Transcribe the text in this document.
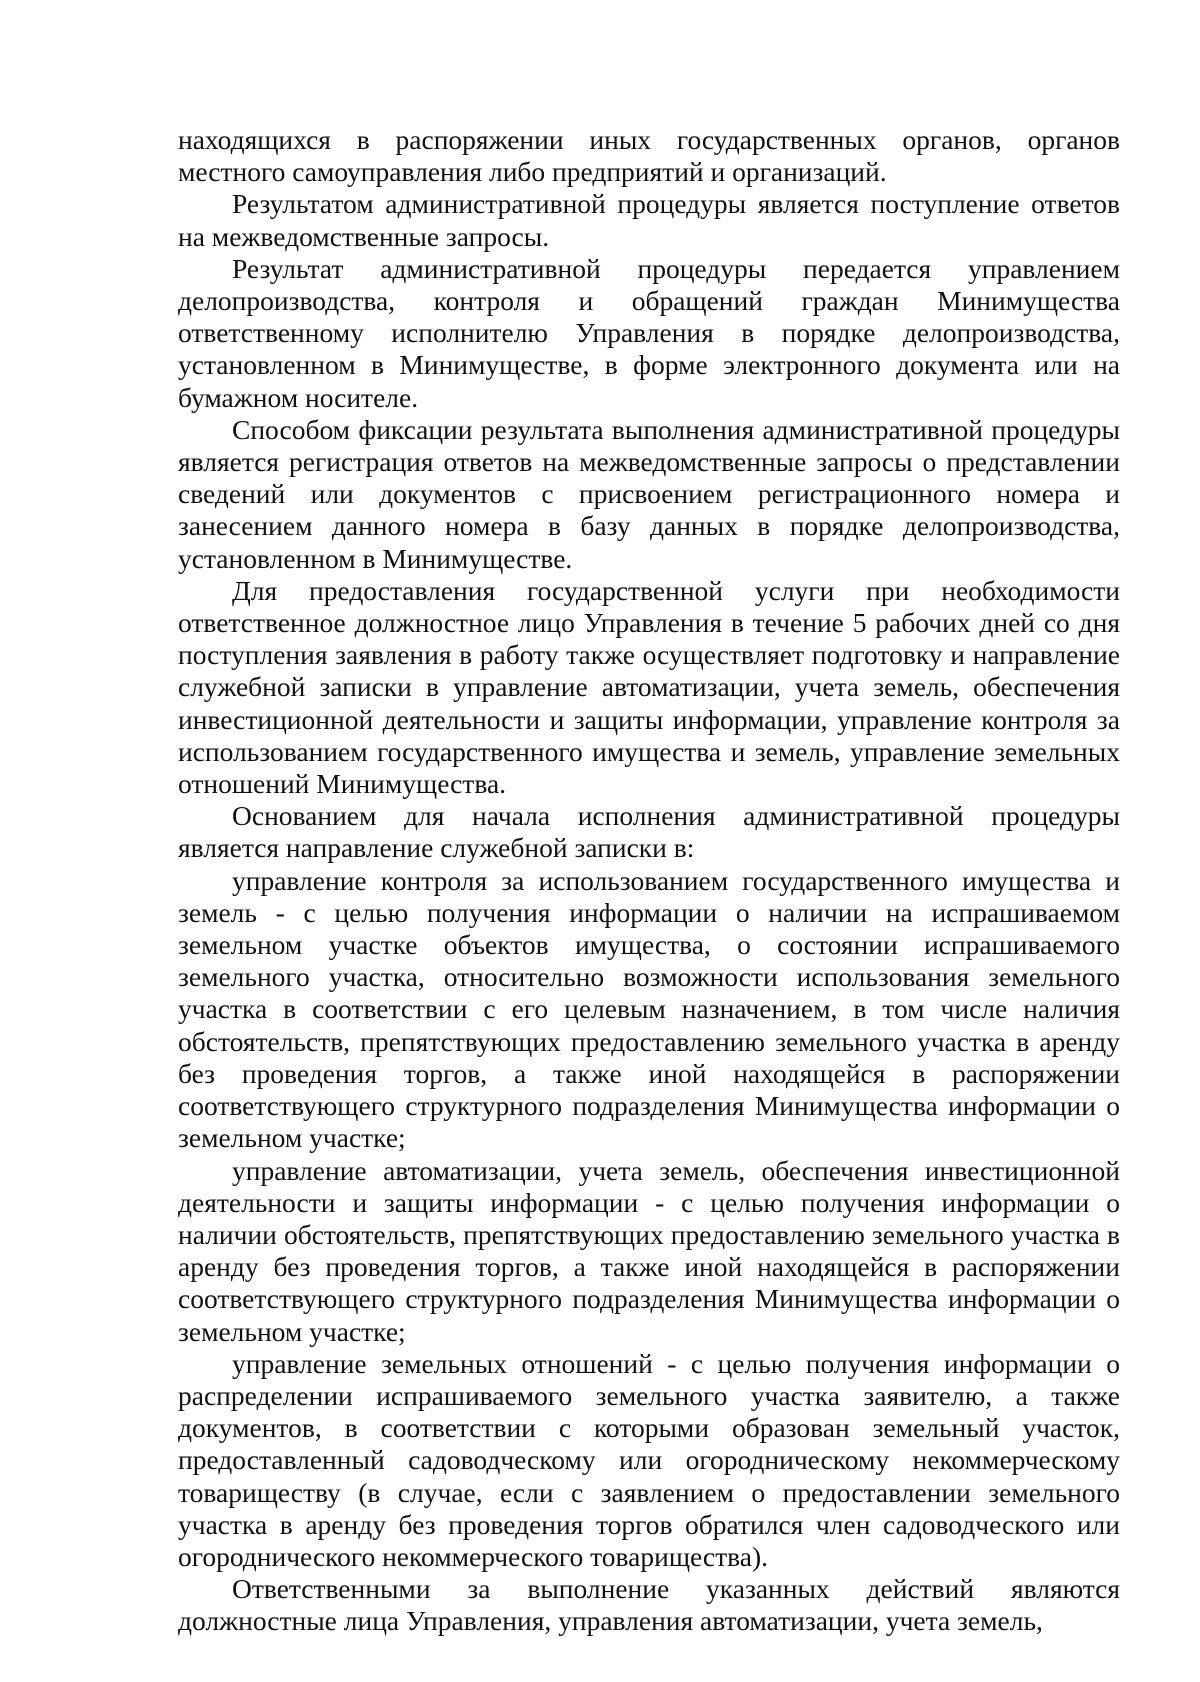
находящихся в распоряжении иных государственных органов, органов местного самоуправления либо предприятий и организаций.

Результатом административной процедуры является поступление ответов на межведомственные запросы.

Результат административной процедуры передается управлением делопроизводства, контроля и обращений граждан Минимущества ответственному исполнителю Управления в порядке делопроизводства, установленном в Минимуществе, в форме электронного документа или на бумажном носителе.

Способом фиксации результата выполнения административной процедуры является регистрация ответов на межведомственные запросы о представлении сведений или документов с присвоением регистрационного номера и занесением данного номера в базу данных в порядке делопроизводства, установленном в Минимуществе.

Для предоставления государственной услуги при необходимости ответственное должностное лицо Управления в течение 5 рабочих дней со дня поступления заявления в работу также осуществляет подготовку и направление служебной записки в управление автоматизации, учета земель, обеспечения инвестиционной деятельности и защиты информации, управление контроля за использованием государственного имущества и земель, управление земельных отношений Минимущества.

Основанием для начала исполнения административной процедуры является направление служебной записки в:

управление контроля за использованием государственного имущества и земель - с целью получения информации о наличии на испрашиваемом земельном участке объектов имущества, о состоянии испрашиваемого земельного участка, относительно возможности использования земельного участка в соответствии с его целевым назначением, в том числе наличия обстоятельств, препятствующих предоставлению земельного участка в аренду без проведения торгов, а также иной находящейся в распоряжении соответствующего структурного подразделения Минимущества информации о земельном участке;

управление автоматизации, учета земель, обеспечения инвестиционной деятельности и защиты информации - с целью получения информации о наличии обстоятельств, препятствующих предоставлению земельного участка в аренду без проведения торгов, а также иной находящейся в распоряжении соответствующего структурного подразделения Минимущества информации о земельном участке;

управление земельных отношений - с целью получения информации о распределении испрашиваемого земельного участка заявителю, а также документов, в соответствии с которыми образован земельный участок, предоставленный садоводческому или огородническому некоммерческому товариществу (в случае, если с заявлением о предоставлении земельного участка в аренду без проведения торгов обратился член садоводческого или огороднического некоммерческого товарищества).

Ответственными за выполнение указанных действий являются должностные лица Управления, управления автоматизации, учета земель,
